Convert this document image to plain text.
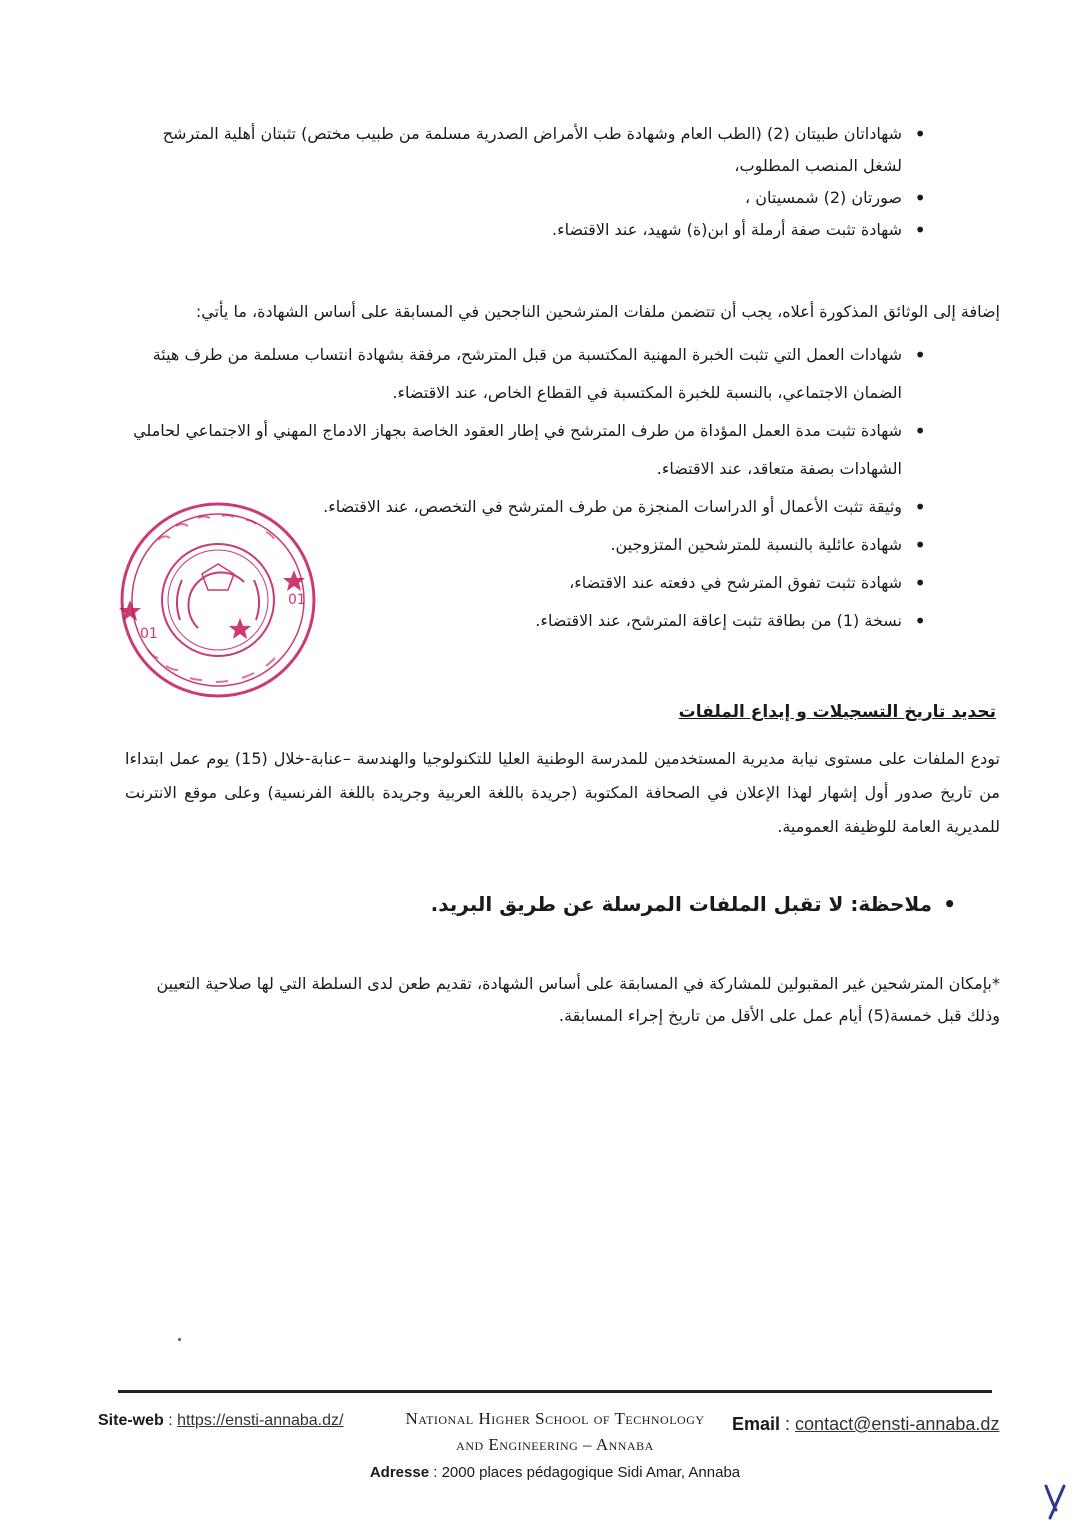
• شهاداتان طبيتان (2) (الطب العام وشهادة طب الأمراض الصدرية مسلمة من طبيب مختص) تثبتان أهلية المترشح لشغل المنصب المطلوب،
• صورتان (2) شمسيتان ،
• شهادة تثبت صفة أرملة أو ابن(ة) شهيد، عند الاقتضاء.
إضافة إلى الوثائق المذكورة أعلاه، يجب أن تتضمن ملفات المترشحين الناجحين في المسابقة على أساس الشهادة، ما يأتي:
• شهادات العمل التي تثبت الخبرة المهنية المكتسبة من قبل المترشح، مرفقة بشهادة انتساب مسلمة من طرف هيئة الضمان الاجتماعي، بالنسبة للخبرة المكتسبة في القطاع الخاص، عند الاقتضاء.
• شهادة تثبت مدة العمل المؤداة من طرف المترشح في إطار العقود الخاصة بجهاز الادماج المهني أو الاجتماعي لحاملي الشهادات بصفة متعاقد، عند الاقتضاء.
• وثيقة تثبت الأعمال أو الدراسات المنجزة من طرف المترشح في التخصص، عند الاقتضاء.
• شهادة عائلية بالنسبة للمترشحين المتزوجين.
• شهادة تثبت تفوق المترشح في دفعته عند الاقتضاء،
• نسخة (1) من بطاقة تثبت إعاقة المترشح، عند الاقتضاء.
01
01
تحديد تاريخ التسجيلات و إيداع الملفات
تودع الملفات على مستوى نيابة مديرية المستخدمين للمدرسة الوطنية العليا للتكنولوجيا والهندسة –عنابة-خلال (15) يوم عمل ابتداءا من تاريخ صدور أول إشهار لهذا الإعلان في الصحافة المكتوبة (جريدة باللغة العربية وجريدة باللغة الفرنسية) وعلى موقع الانترنت للمديرية العامة للوظيفة العمومية.
• ملاحظة: لا تقبل الملفات المرسلة عن طريق البريد.
*بإمكان المترشحين غير المقبولين للمشاركة في المسابقة على أساس الشهادة، تقديم طعن لدى السلطة التي لها صلاحية التعيين وذلك قبل خمسة(5) أيام عمل على الأقل من تاريخ إجراء المسابقة.
Site-web : https://ensti-annaba.dz/	National Higher School of Technology
and Engineering – Annaba
Email : contact@ensti-annaba.dz
Adresse : 2000 places pédagogique Sidi Amar, Annaba
